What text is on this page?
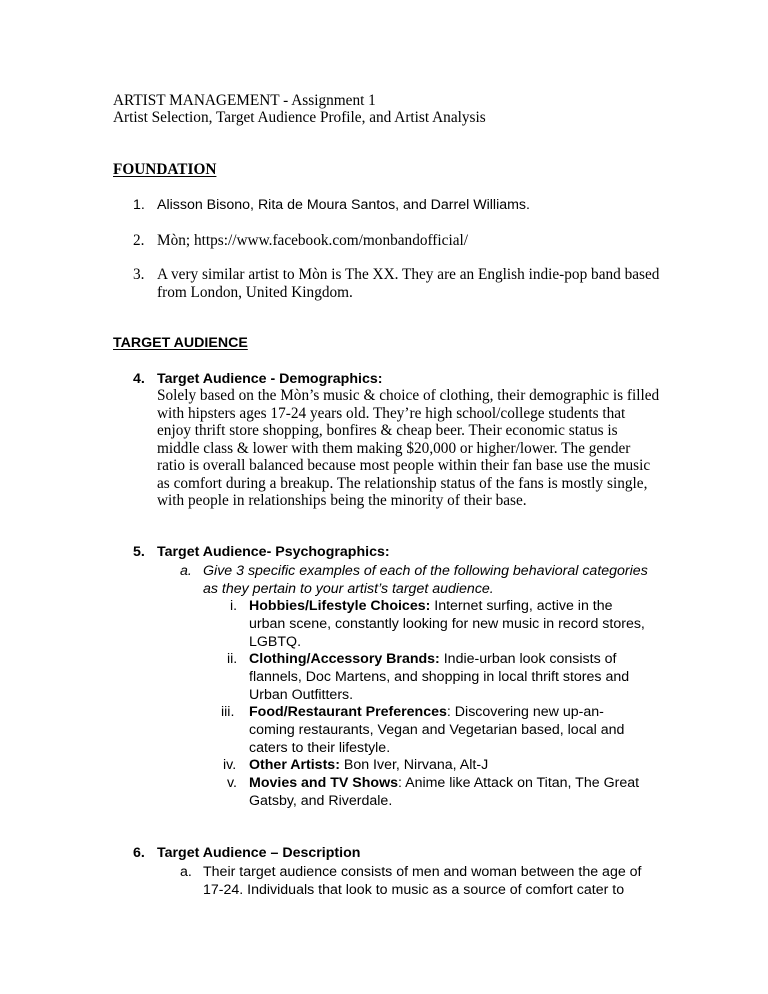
ARTIST MANAGEMENT - Assignment 1
Artist Selection, Target Audience Profile, and Artist Analysis
FOUNDATION
1. Alisson Bisono, Rita de Moura Santos, and Darrel Williams.
2. Mòn; https://www.facebook.com/monbandofficial/
3. A very similar artist to Mòn is The XX. They are an English indie-pop band based
from London, United Kingdom.
TARGET AUDIENCE
4. Target Audience - Demographics:
Solely based on the Mòn’s music & choice of clothing, their demographic is filled
with hipsters ages 17-24 years old. They’re high school/college students that
enjoy thrift store shopping, bonfires & cheap beer. Their economic status is
middle class & lower with them making $20,000 or higher/lower. The gender
ratio is overall balanced because most people within their fan base use the music
as comfort during a breakup. The relationship status of the fans is mostly single,
with people in relationships being the minority of their base.
5. Target Audience- Psychographics:
a. Give 3 specific examples of each of the following behavioral categories
as they pertain to your artist’s target audience.
i. Hobbies/Lifestyle Choices: Internet surfing, active in the
urban scene, constantly looking for new music in record stores,
LGBTQ.
ii. Clothing/Accessory Brands: Indie-urban look consists of
flannels, Doc Martens, and shopping in local thrift stores and
Urban Outfitters.
iii. Food/Restaurant Preferences: Discovering new up-an-
coming restaurants, Vegan and Vegetarian based, local and
caters to their lifestyle.
iv. Other Artists: Bon Iver, Nirvana, Alt-J
v. Movies and TV Shows: Anime like Attack on Titan, The Great
Gatsby, and Riverdale.
6. Target Audience – Description
a. Their target audience consists of men and woman between the age of
17-24. Individuals that look to music as a source of comfort cater to
